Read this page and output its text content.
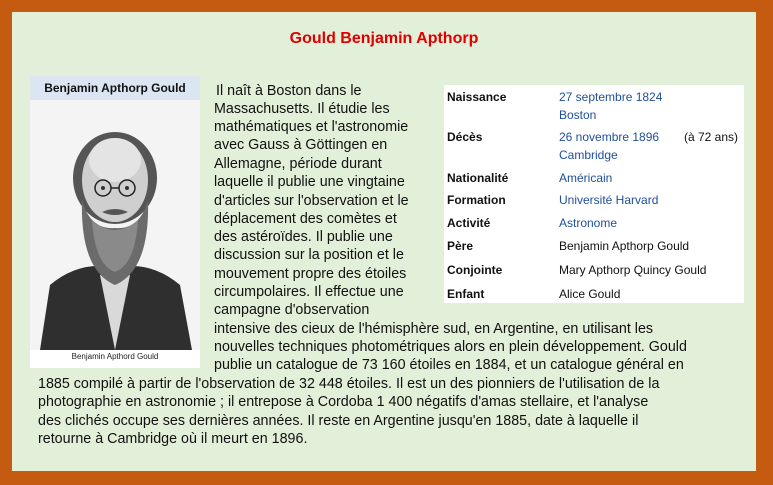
Gould Benjamin Apthorp
Benjamin Apthorp Gould
Benjamin Apthord Gould
Naissance	27 septembre 1824
Boston
Décès	26 novembre 1896 (à 72 ans)
Cambridge
Nationalité	Américain
Formation	Université Harvard
Activité	Astronome
Père	Benjamin Apthorp Gould
Conjointe	Mary Apthorp Quincy Gould
Enfant	Alice Gould
Il naît à Boston dans le
Massachusetts. Il étudie les
mathématiques et l'astronomie
avec Gauss à Göttingen en
Allemagne, période durant
laquelle il publie une vingtaine
d'articles sur l'observation et le
déplacement des comètes et
des astéroïdes. Il publie une
discussion sur la position et le
mouvement propre des étoiles
circumpolaires. Il effectue une
campagne d'observation
intensive des cieux de l'hémisphère sud, en Argentine, en utilisant les
nouvelles techniques photométriques alors en plein développement. Gould
publie un catalogue de 73 160 étoiles en 1884, et un catalogue général en
1885 compilé à partir de l'observation de 32 448 étoiles. Il est un des pionniers de l'utilisation de la
photographie en astronomie ; il entrepose à Cordoba 1 400 négatifs d'amas stellaire, et l'analyse
des clichés occupe ses dernières années. Il reste en Argentine jusqu'en 1885, date à laquelle il
retourne à Cambridge où il meurt en 1896.
